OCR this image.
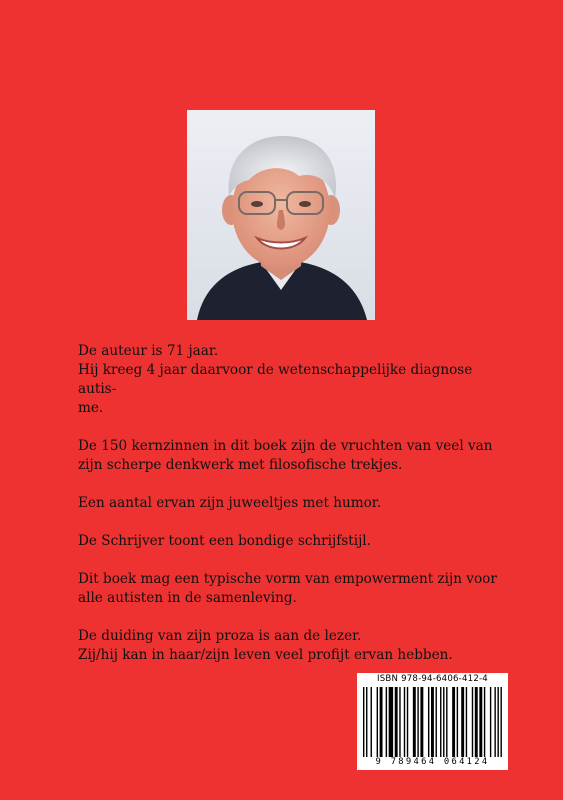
De auteur is 71 jaar.
Hij kreeg 4 jaar daarvoor de wetenschappelijke diagnose autis-
me.

De 150 kernzinnen in dit boek zijn de vruchten van veel van
zijn scherpe denkwerk met filosofische trekjes.

Een aantal ervan zijn juweeltjes met humor.

De Schrijver toont een bondige schrijfstijl.

Dit boek mag een typische vorm van empowerment zijn voor
alle autisten in de samenleving.

De duiding van zijn proza is aan de lezer.
Zij/hij kan in haar/zijn leven veel profijt ervan hebben.

ISBN 978-94-6406-412-4
9 789464 064124
